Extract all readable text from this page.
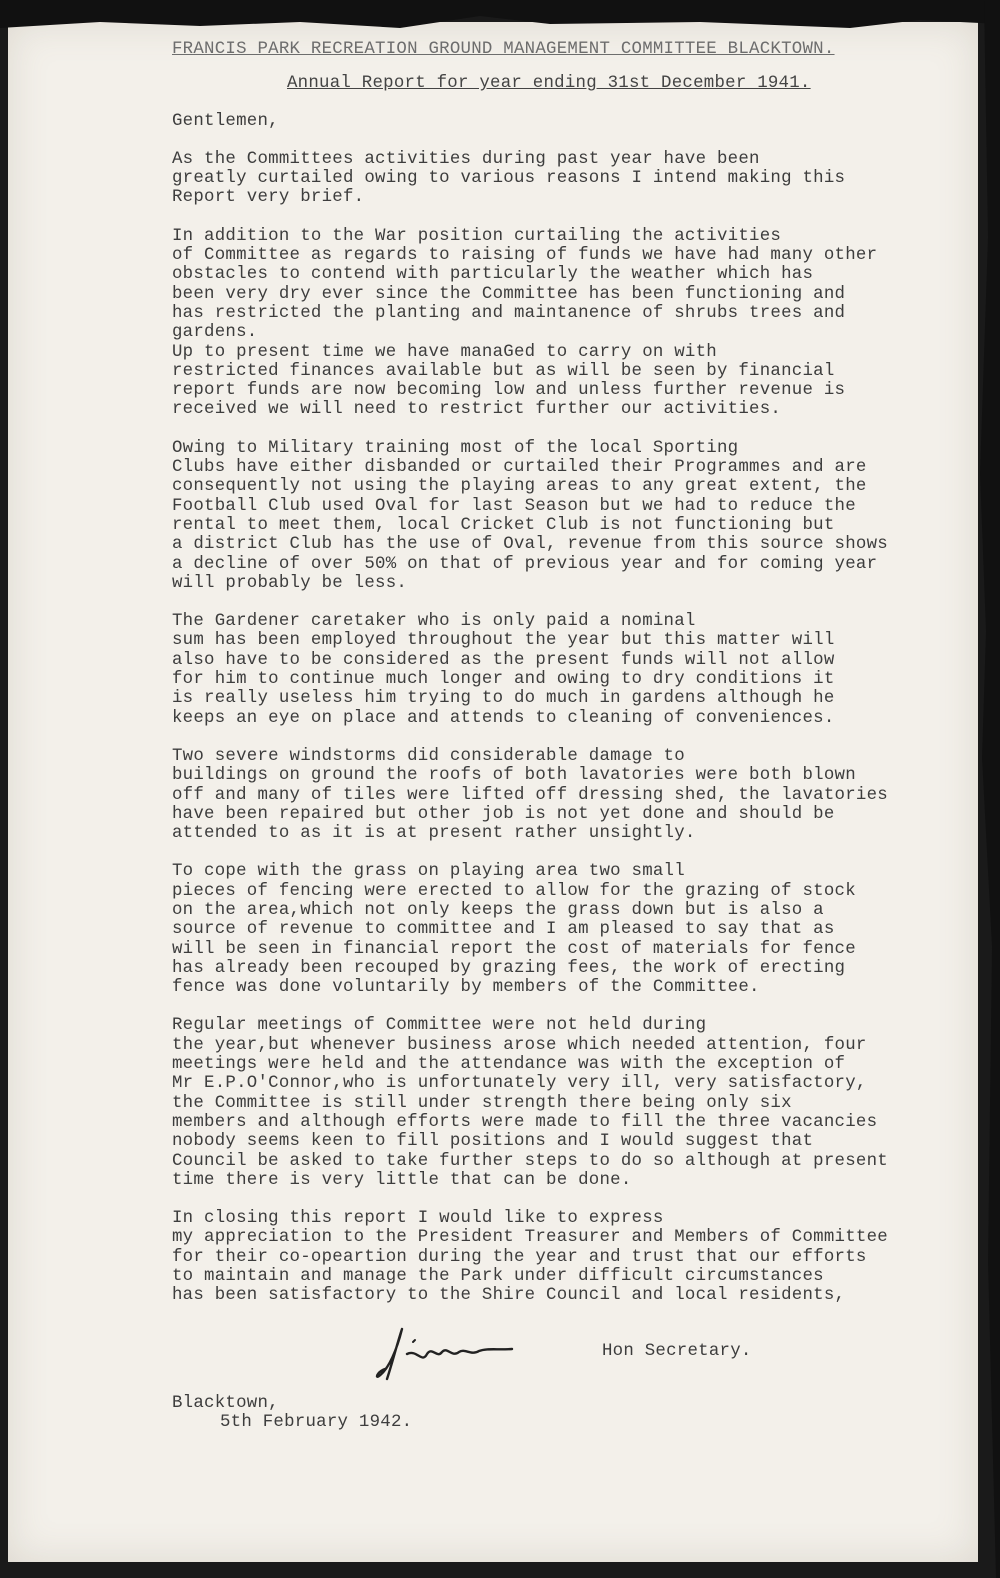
FRANCIS PARK RECREATION GROUND MANAGEMENT COMMITTEE BLACKTOWN.
Annual Report for year ending 31st December 1941.
Gentlemen,
As the Committees activities during past year have been
greatly curtailed owing to various reasons I intend making this
Report very brief.
In addition to the War position curtailing the activities
of Committee as regards to raising of funds we have had many other
obstacles to contend with particularly the weather which has
been very dry ever since the Committee has been functioning and
has restricted the planting and maintanence of shrubs trees and
gardens.
Up to present time we have manaGed to carry on with
restricted finances available but as will be seen by financial
report funds are now becoming low and unless further revenue is
received we will need to restrict further our activities.
Owing to Military training most of the local Sporting
Clubs have either disbanded or curtailed their Programmes and are
consequently not using the playing areas to any great extent, the
Football Club used Oval for last Season but we had to reduce the
rental to meet them, local Cricket Club is not functioning but
a district Club has the use of Oval, revenue from this source shows
a decline of over 50% on that of previous year and for coming year
will probably be less.
The Gardener caretaker who is only paid a nominal
sum has been employed throughout the year but this matter will
also have to be considered as the present funds will not allow
for him to continue much longer and owing to dry conditions it
is really useless him trying to do much in gardens although he
keeps an eye on place and attends to cleaning of conveniences.
Two severe windstorms did considerable damage to
buildings on ground the roofs of both lavatories were both blown
off and many of tiles were lifted off dressing shed, the lavatories
have been repaired but other job is not yet done and should be
attended to as it is at present rather unsightly.
To cope with the grass on playing area two small
pieces of fencing were erected to allow for the grazing of stock
on the area,which not only keeps the grass down but is also a
source of revenue to committee and I am pleased to say that as
will be seen in financial report the cost of materials for fence
has already been recouped by grazing fees, the work of erecting
fence was done voluntarily by members of the Committee.
Regular meetings of Committee were not held during
the year,but whenever business arose which needed attention, four
meetings were held and the attendance was with the exception of
Mr E.P.O'Connor,who is unfortunately very ill, very satisfactory,
the Committee is still under strength there being only six
members and although efforts were made to fill the three vacancies
nobody seems keen to fill positions and I would suggest that
Council be asked to take further steps to do so although at present
time there is very little that can be done.
In closing this report I would like to express
my appreciation to the President Treasurer and Members of Committee
for their co-opeartion during the year and trust that our efforts
to maintain and manage the Park under difficult circumstances
has been satisfactory to the Shire Council and local residents,
Hon Secretary.
Blacktown,
5th February 1942.
